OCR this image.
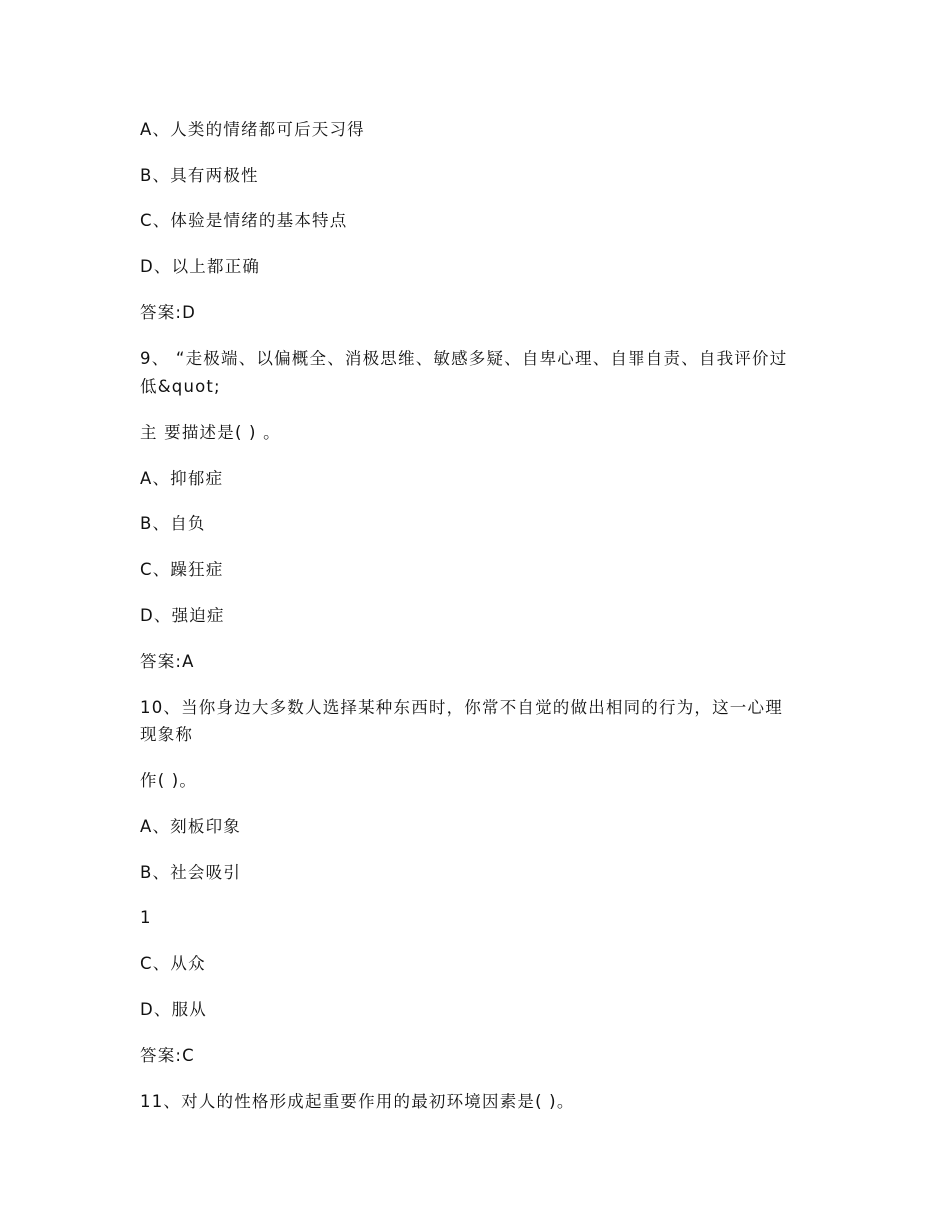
A、人类的情绪都可后天习得
B、具有两极性
C、体验是情绪的基本特点
D、以上都正确
答案:D
9、 “走极端、以偏概全、消极思维、敏感多疑、自卑心理、自罪自责、自我评价过
低&quot;
主 要描述是( ) 。
A、抑郁症
B、自负
C、躁狂症
D、强迫症
答案:A
10、当你身边大多数人选择某种东西时，你常不自觉的做出相同的行为，这一心理
现象称
作( )。
A、刻板印象
B、社会吸引
1
C、从众
D、服从
答案:C
11、对人的性格形成起重要作用的最初环境因素是( )。
